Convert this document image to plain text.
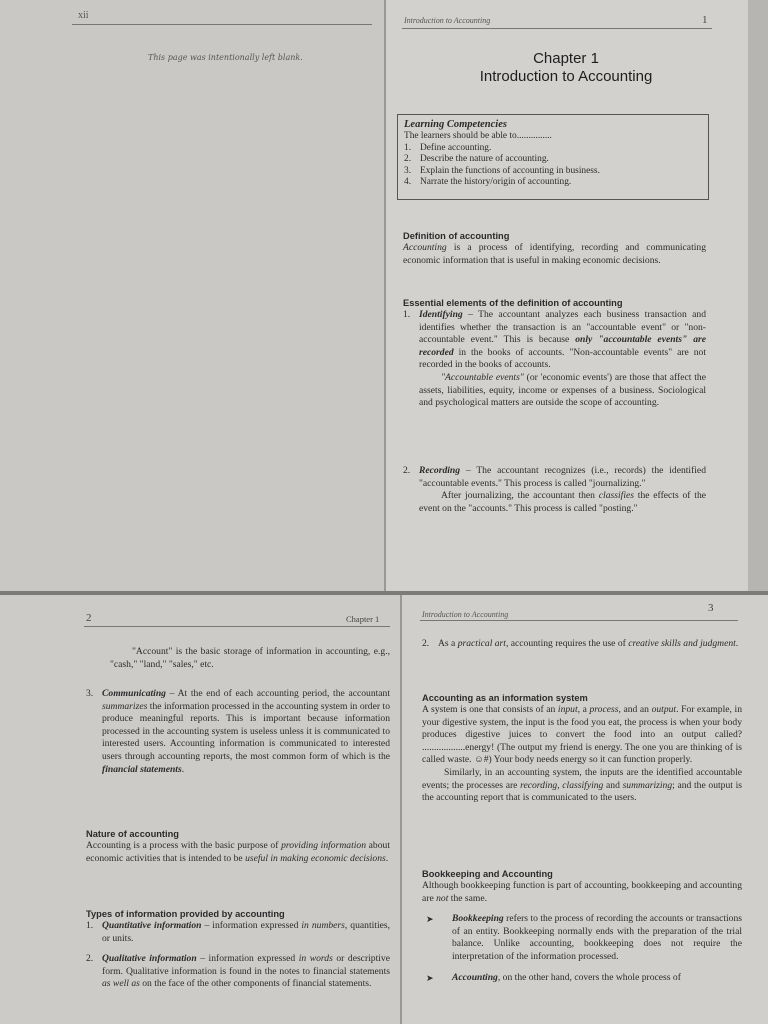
xii
This page was intentionally left blank.
Introduction to Accounting	1
Chapter 1
Introduction to Accounting
Learning Competencies
The learners should be able to...............
1. Define accounting.
2. Describe the nature of accounting.
3. Explain the functions of accounting in business.
4. Narrate the history/origin of accounting.
Definition of accounting

Accounting is a process of identifying, recording and communicating economic information that is useful in making economic decisions.

Essential elements of the definition of accounting
1. Identifying – The accountant analyzes each business transaction and identifies whether the transaction is an "accountable event" or "non-accountable event." This is because only "accountable events" are recorded in the books of accounts. "Non-accountable events" are not recorded in the books of accounts.

"Accountable events" (or 'economic events') are those that affect the assets, liabilities, equity, income or expenses of a business. Sociological and psychological matters are outside the scope of accounting.

2. Recording – The accountant recognizes (i.e., records) the identified "accountable events." This process is called "journalizing."

After journalizing, the accountant then classifies the effects of the event on the "accounts." This process is called "posting."

2	Chapter 1

"Account" is the basic storage of information in accounting, e.g., "cash," "land," "sales," etc.

3. Communicating – At the end of each accounting period, the accountant summarizes the information processed in the accounting system in order to produce meaningful reports. This is important because information processed in the accounting system is useless unless it is communicated to interested users. Accounting information is communicated to interested users through accounting reports, the most common form of which is the financial statements.

Nature of accounting

Accounting is a process with the basic purpose of providing information about economic activities that is intended to be useful in making economic decisions.

Types of information provided by accounting
1. Quantitative information – information expressed in numbers, quantities, or units.

2. Qualitative information – information expressed in words or descriptive form. Qualitative information is found in the notes to financial statements as well as on the face of the other components of financial statements.

Introduction to Accounting
3
2. As a practical art, accounting requires the use of creative skills and judgment.

Accounting as an information system

A system is one that consists of an input, a process, and an output. For example, in your digestive system, the input is the food you eat, the process is when your body produces digestive juices to convert the food into an output called? ..................energy! (The output my friend is energy. The one you are thinking of is called waste. ☺#) Your body needs energy so it can function properly.

Similarly, in an accounting system, the inputs are the identified accountable events; the processes are recording, classifying and summarizing; and the output is the accounting report that is communicated to the users.

Bookkeeping and Accounting

Although bookkeeping function is part of accounting, bookkeeping and accounting are not the same.

➤ Bookkeeping refers to the process of recording the accounts or transactions of an entity. Bookkeeping normally ends with the preparation of the trial balance. Unlike accounting, bookkeeping does not require the interpretation of the information processed.

➤ Accounting, on the other hand, covers the whole process of
